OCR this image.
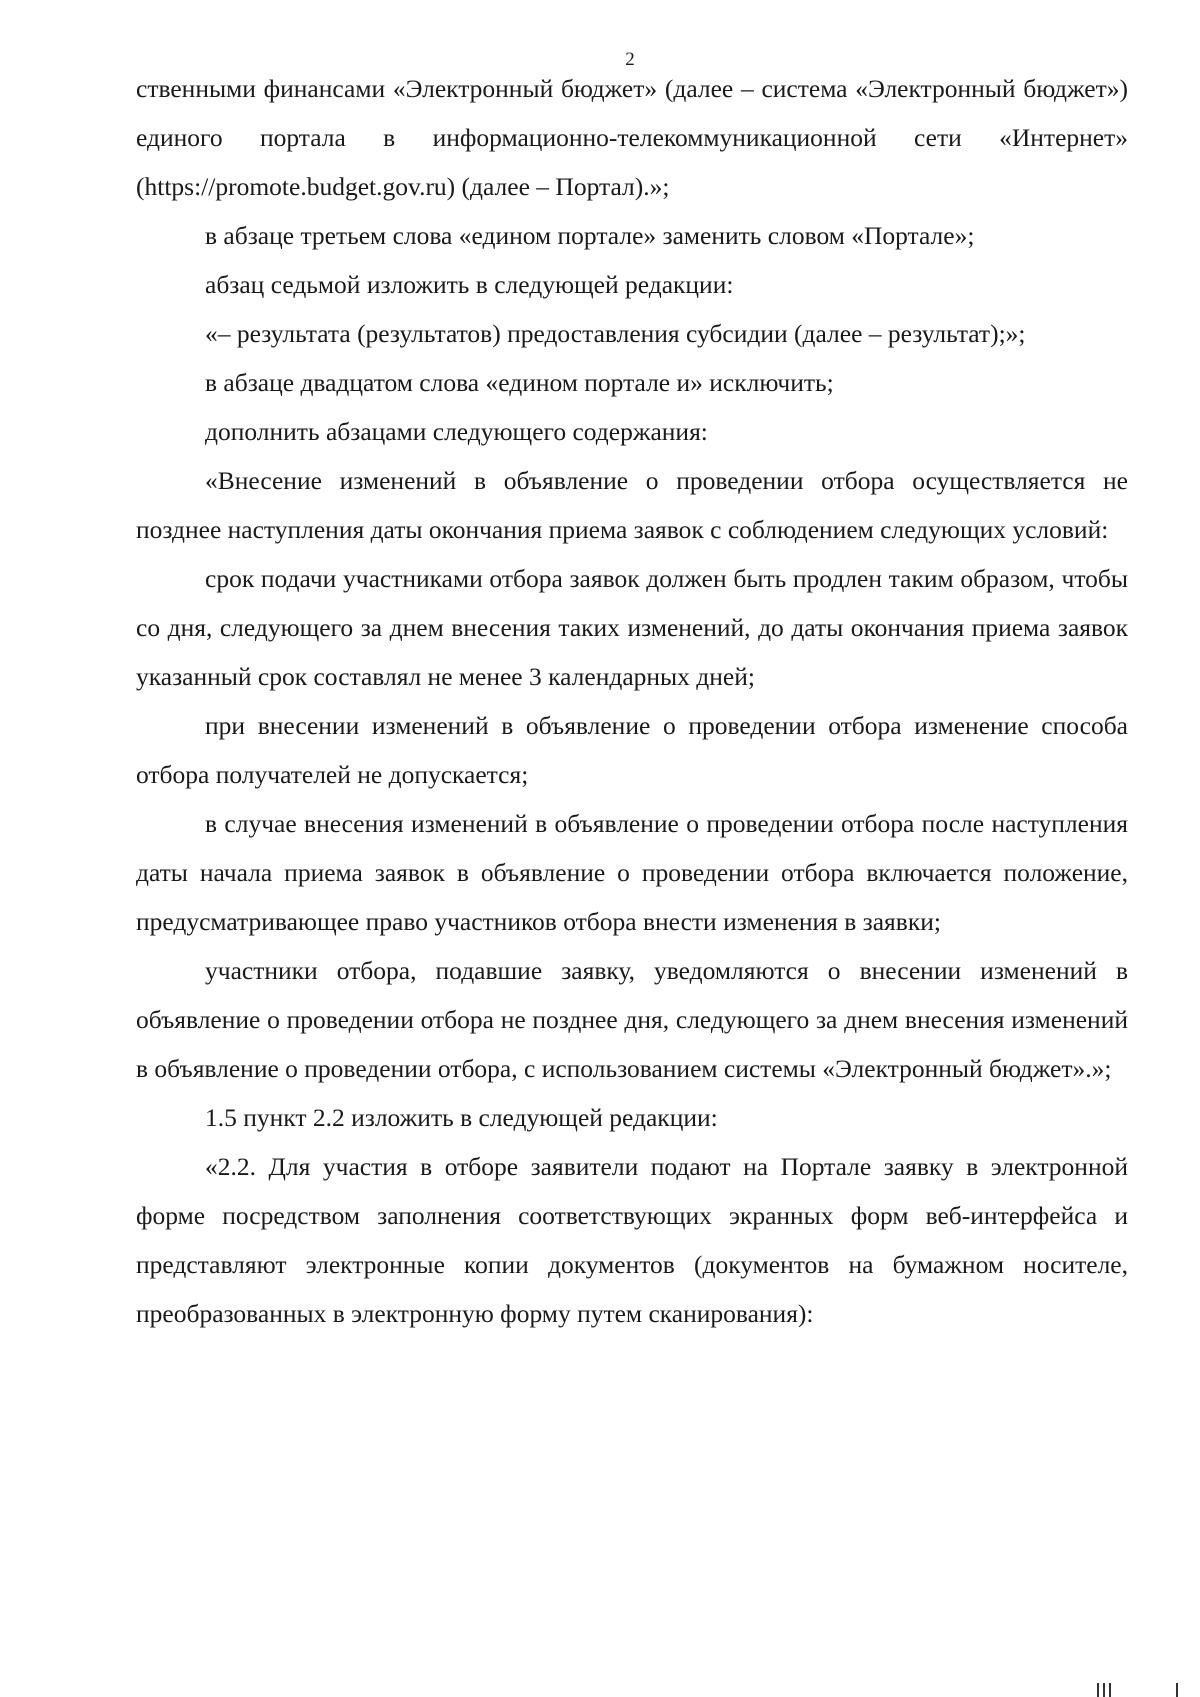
2

ственными финансами «Электронный бюджет» (далее – система «Электронный бюджет») единого портала в информационно-телекоммуникационной сети «Интернет» (https://promote.budget.gov.ru) (далее – Портал).»;

в абзаце третьем слова «едином портале» заменить словом «Портале»;

абзац седьмой изложить в следующей редакции:

«– результата (результатов) предоставления субсидии (далее – результат);»;

в абзаце двадцатом слова «едином портале и» исключить;

дополнить абзацами следующего содержания:

«Внесение изменений в объявление о проведении отбора осуществляется не позднее наступления даты окончания приема заявок с соблюдением следующих условий:

срок подачи участниками отбора заявок должен быть продлен таким образом, чтобы со дня, следующего за днем внесения таких изменений, до даты окончания приема заявок указанный срок составлял не менее 3 календарных дней;

при внесении изменений в объявление о проведении отбора изменение способа отбора получателей не допускается;

в случае внесения изменений в объявление о проведении отбора после наступления даты начала приема заявок в объявление о проведении отбора включается положение, предусматривающее право участников отбора внести изменения в заявки;

участники отбора, подавшие заявку, уведомляются о внесении изменений в объявление о проведении отбора не позднее дня, следующего за днем внесения изменений в объявление о проведении отбора, с использованием системы «Электронный бюджет».»;

1.5 пункт 2.2 изложить в следующей редакции:

«2.2. Для участия в отборе заявители подают на Портале заявку в электронной форме посредством заполнения соответствующих экранных форм веб-интерфейса и представляют электронные копии документов (документов на бумажном носителе, преобразованных в электронную форму путем сканирования):
